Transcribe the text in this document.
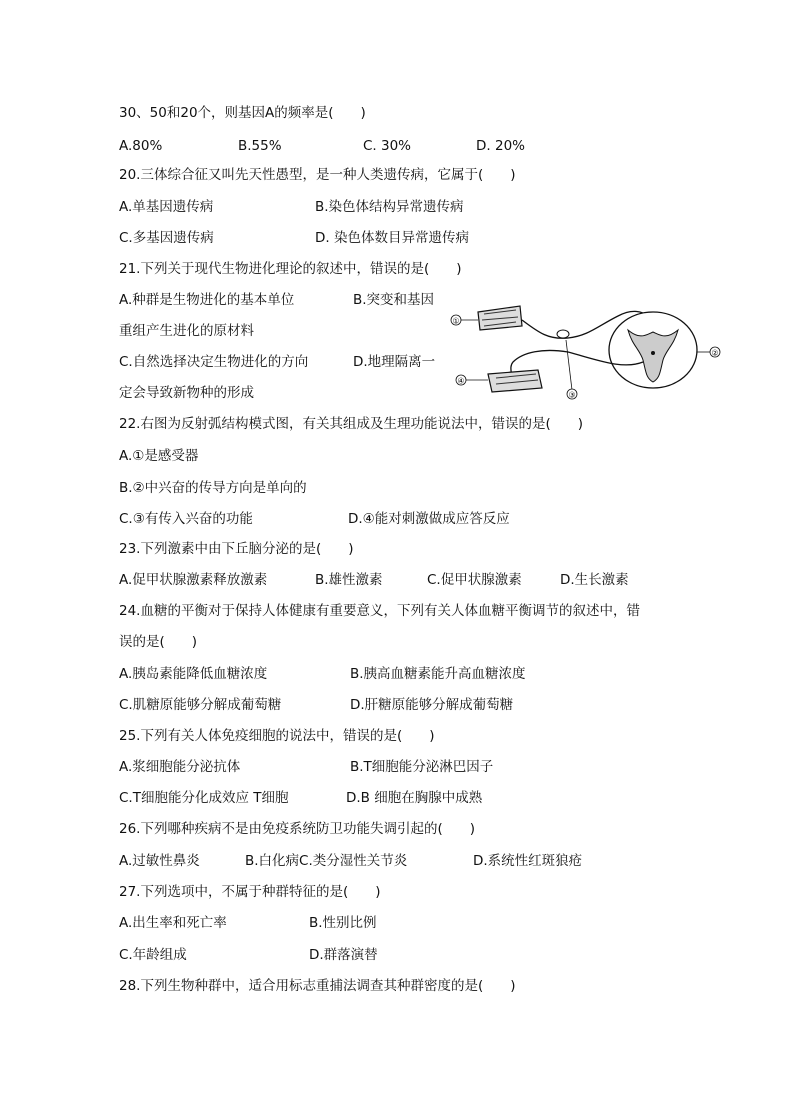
30、50和20个，则基因A的频率是(　　)
A.80%	B.55%	C. 30%	D. 20%
20.三体综合征又叫先天性愚型，是一种人类遗传病，它属于(　　)
A.单基因遗传病	B.染色体结构异常遗传病
C.多基因遗传病	D. 染色体数目异常遗传病
21.下列关于现代生物进化理论的叙述中，错误的是(　　)
A.种群是生物进化的基本单位	B.突变和基因
重组产生进化的原材料
C.自然选择决定生物进化的方向	D.地理隔离一
定会导致新物种的形成
①
③
②
④
22.右图为反射弧结构模式图，有关其组成及生理功能说法中，错误的是(　　)
A.①是感受器
B.②中兴奋的传导方向是单向的
C.③有传入兴奋的功能	D.④能对刺激做成应答反应
23.下列激素中由下丘脑分泌的是(　　)
A.促甲状腺激素释放激素	B.雄性激素	C.促甲状腺激素	D.生长激素
24.血糖的平衡对于保持人体健康有重要意义，下列有关人体血糖平衡调节的叙述中，错
误的是(　　)
A.胰岛素能降低血糖浓度	B.胰高血糖素能升高血糖浓度
C.肌糖原能够分解成葡萄糖	D.肝糖原能够分解成葡萄糖
25.下列有关人体免疫细胞的说法中，错误的是(　　)
A.浆细胞能分泌抗体	B.T细胞能分泌淋巴因子
C.T细胞能分化成效应 T细胞	D.B 细胞在胸腺中成熟
26.下列哪种疾病不是由免疫系统防卫功能失调引起的(　　)
A.过敏性鼻炎	B.白化病C.类分湿性关节炎	D.系统性红斑狼疮
27.下列选项中，不属于种群特征的是(　　)
A.出生率和死亡率	B.性别比例
C.年龄组成	D.群落演替
28.下列生物种群中，适合用标志重捕法调查其种群密度的是(　　)
